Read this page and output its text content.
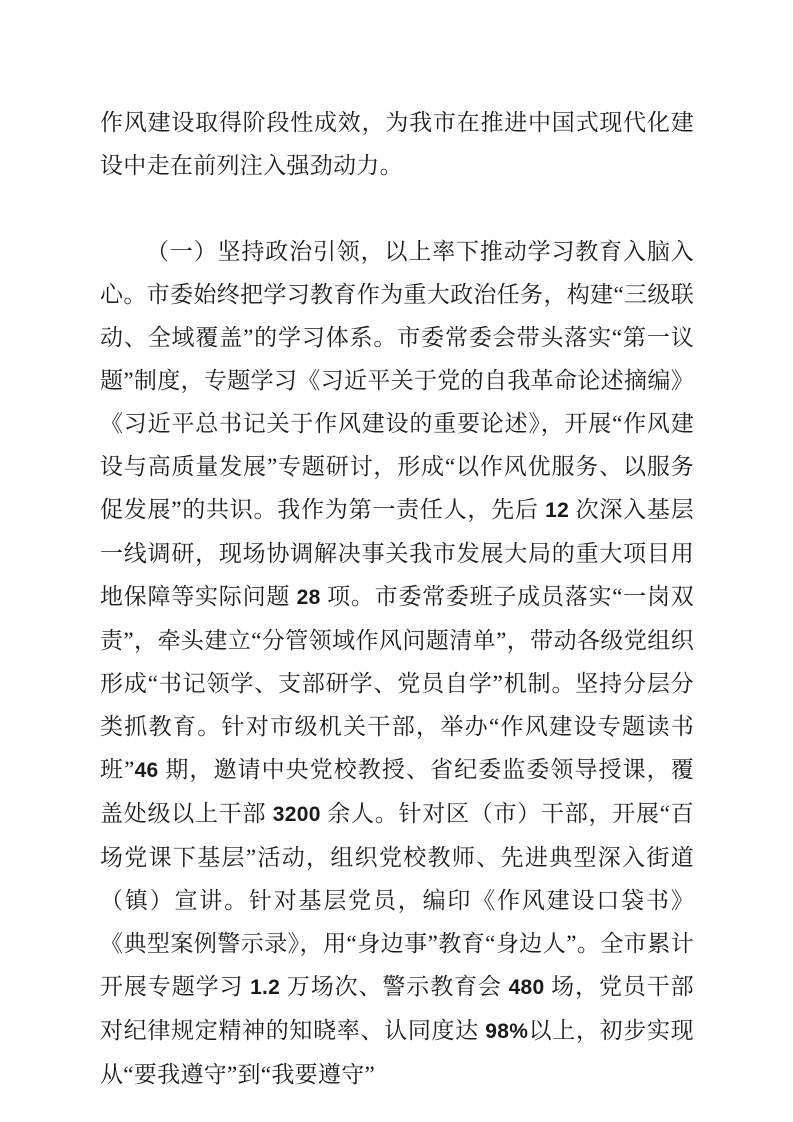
作风建设取得阶段性成效，为我市在推进中国式现代化建设中走在前列注入强劲动力。

（一）坚持政治引领，以上率下推动学习教育入脑入心。市委始终把学习教育作为重大政治任务，构建“三级联动、全域覆盖”的学习体系。市委常委会带头落实“第一议题”制度，专题学习《习近平关于党的自我革命论述摘编》《习近平总书记关于作风建设的重要论述》，开展“作风建设与高质量发展”专题研讨，形成“以作风优服务、以服务促发展”的共识。我作为第一责任人，先后 12 次深入基层一线调研，现场协调解决事关我市发展大局的重大项目用地保障等实际问题 28 项。市委常委班子成员落实“一岗双责”，牵头建立“分管领域作风问题清单”，带动各级党组织形成“书记领学、支部研学、党员自学”机制。坚持分层分类抓教育。针对市级机关干部，举办“作风建设专题读书班”46 期，邀请中央党校教授、省纪委监委领导授课，覆盖处级以上干部 3200 余人。针对区（市）干部，开展“百场党课下基层”活动，组织党校教师、先进典型深入街道（镇）宣讲。针对基层党员，编印《作风建设口袋书》《典型案例警示录》，用“身边事”教育“身边人”。全市累计开展专题学习 1.2 万场次、警示教育会 480 场，党员干部对纪律规定精神的知晓率、认同度达 98%以上，初步实现从“要我遵守”到“我要遵守”
